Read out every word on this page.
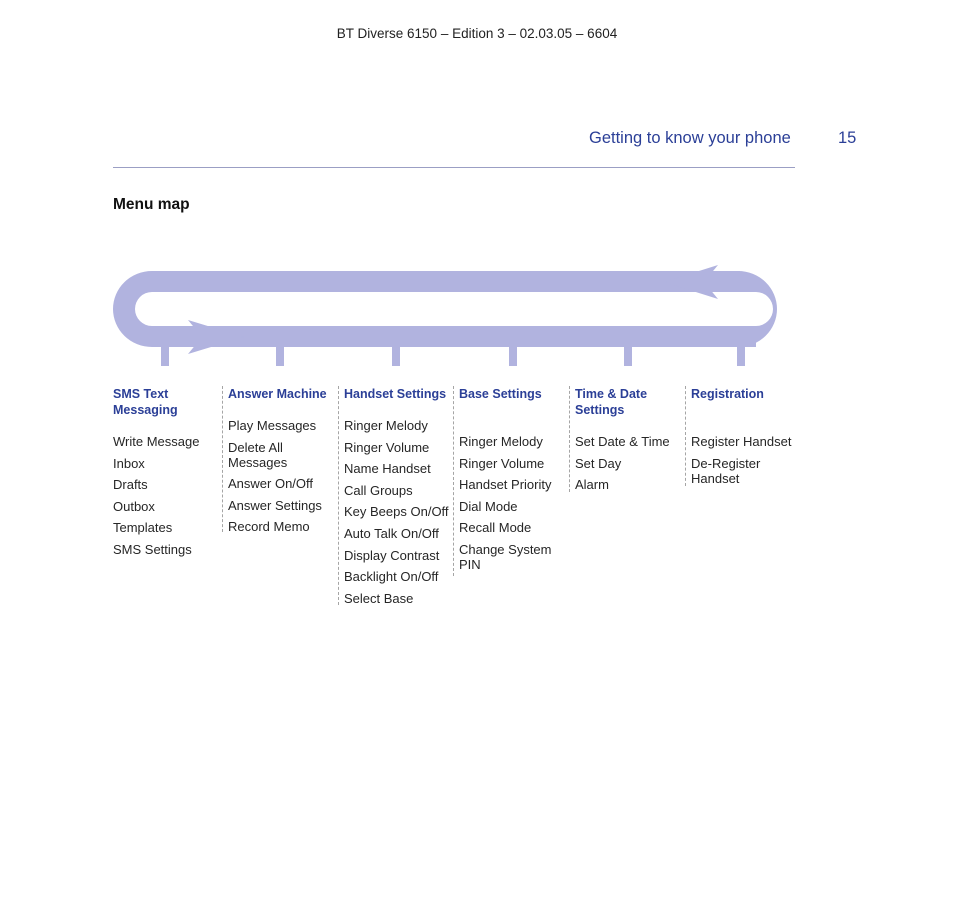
BT Diverse 6150 – Edition 3 – 02.03.05 – 6604
Getting to know your phone	15
Menu map
SMS Text Messaging
Write Message
Inbox
Drafts
Outbox
Templates
SMS Settings
Answer Machine
Play Messages
Delete All Messages
Answer On/Off
Answer Settings
Record Memo
Handset Settings
Ringer Melody
Ringer Volume
Name Handset
Call Groups
Key Beeps On/Off
Auto Talk On/Off
Display Contrast
Backlight On/Off
Select Base
Base Settings
Ringer Melody
Ringer Volume
Handset Priority
Dial Mode
Recall Mode
Change System PIN
Time & Date Settings
Set Date & Time
Set Day
Alarm
Registration
Register Handset
De-Register Handset
